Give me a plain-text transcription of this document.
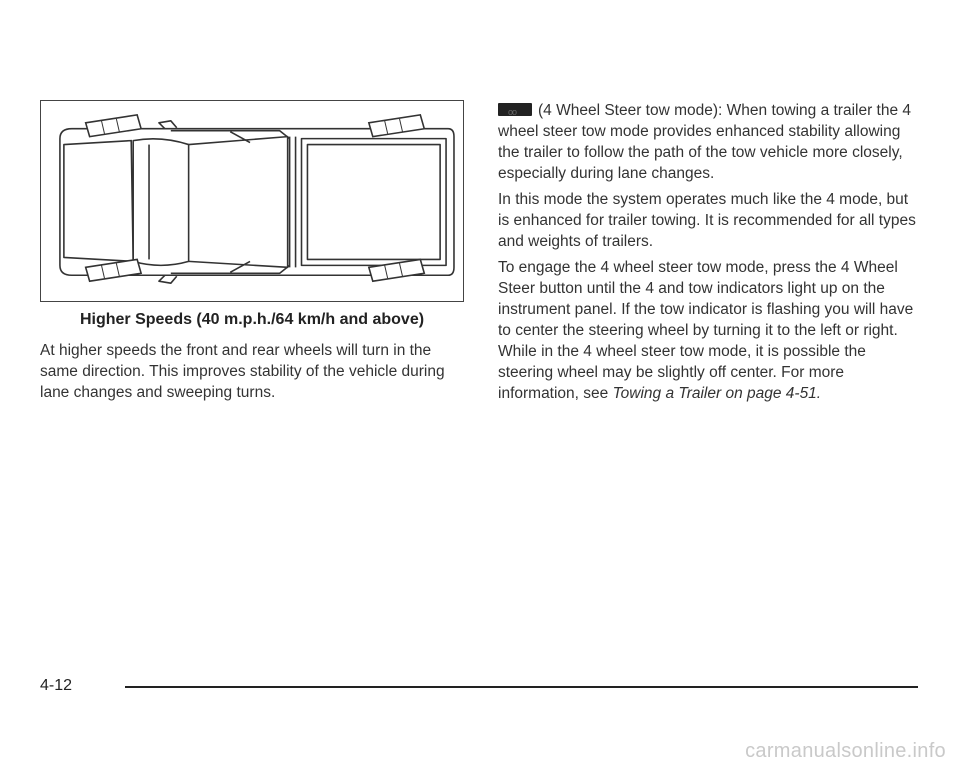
Higher Speeds (40 m.p.h./64 km/h and above)

At higher speeds the front and rear wheels will turn in the same direction. This improves stability of the vehicle during lane changes and sweeping turns.

oo(4 Wheel Steer tow mode): When towing a trailer the 4 wheel steer tow mode provides enhanced stability allowing the trailer to follow the path of the tow vehicle more closely, especially during lane changes.

In this mode the system operates much like the 4 mode, but is enhanced for trailer towing. It is recommended for all types and weights of trailers.

To engage the 4 wheel steer tow mode, press the 4 Wheel Steer button until the 4 and tow indicators light up on the instrument panel. If the tow indicator is flashing you will have to center the steering wheel by turning it to the left or right. While in the 4 wheel steer tow mode, it is possible the steering wheel may be slightly off center. For more information, see Towing a Trailer on page 4-51.

4-12
carmanualsonline.info
